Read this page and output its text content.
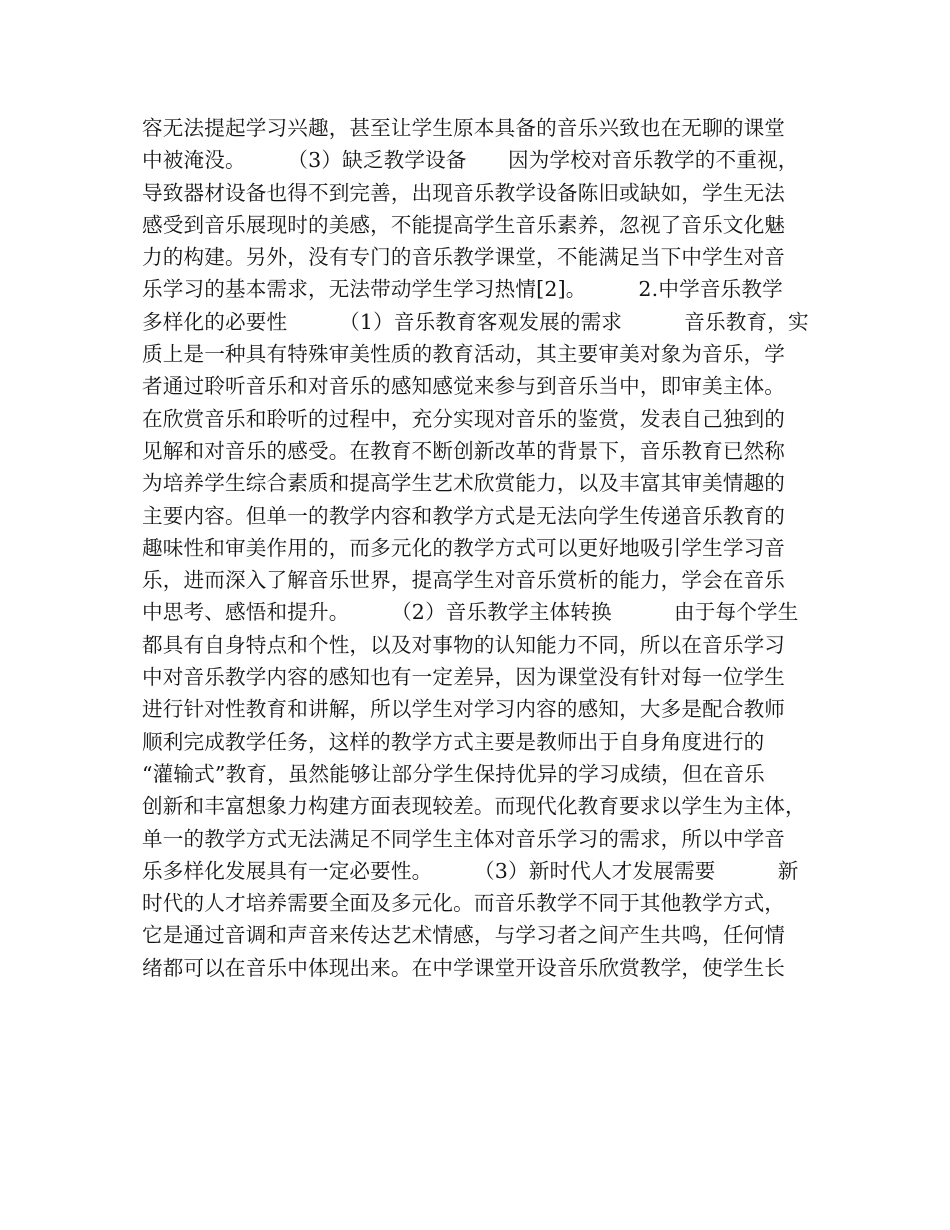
容无法提起学习兴趣，甚至让学生原本具备的音乐兴致也在无聊的课堂
中被淹没。　　　（3）缺乏教学设备　　因为学校对音乐教学的不重视，
导致器材设备也得不到完善，出现音乐教学设备陈旧或缺如，学生无法
感受到音乐展现时的美感，不能提高学生音乐素养，忽视了音乐文化魅
力的构建。另外，没有专门的音乐教学课堂，不能满足当下中学生对音
乐学习的基本需求，无法带动学生学习热情[2]。　　　2.中学音乐教学
多样化的必要性　　　（1）音乐教育客观发展的需求　　　音乐教育，实
质上是一种具有特殊审美性质的教育活动，其主要审美对象为音乐，学
者通过聆听音乐和对音乐的感知感觉来参与到音乐当中，即审美主体。
在欣赏音乐和聆听的过程中，充分实现对音乐的鉴赏，发表自己独到的
见解和对音乐的感受。在教育不断创新改革的背景下，音乐教育已然称
为培养学生综合素质和提高学生艺术欣赏能力，以及丰富其审美情趣的
主要内容。但单一的教学内容和教学方式是无法向学生传递音乐教育的
趣味性和审美作用的，而多元化的教学方式可以更好地吸引学生学习音
乐，进而深入了解音乐世界，提高学生对音乐赏析的能力，学会在音乐
中思考、感悟和提升。　　　（2）音乐教学主体转换　　　由于每个学生
都具有自身特点和个性，以及对事物的认知能力不同，所以在音乐学习
中对音乐教学内容的感知也有一定差异，因为课堂没有针对每一位学生
进行针对性教育和讲解，所以学生对学习内容的感知，大多是配合教师
顺利完成教学任务，这样的教学方式主要是教师出于自身角度进行的
“灌输式”教育，虽然能够让部分学生保持优异的学习成绩，但在音乐
创新和丰富想象力构建方面表现较差。而现代化教育要求以学生为主体，
单一的教学方式无法满足不同学生主体对音乐学习的需求，所以中学音
乐多样化发展具有一定必要性。　　　（3）新时代人才发展需要　　　新
时代的人才培养需要全面及多元化。而音乐教学不同于其他教学方式，
它是通过音调和声音来传达艺术情感，与学习者之间产生共鸣，任何情
绪都可以在音乐中体现出来。在中学课堂开设音乐欣赏教学，使学生长
